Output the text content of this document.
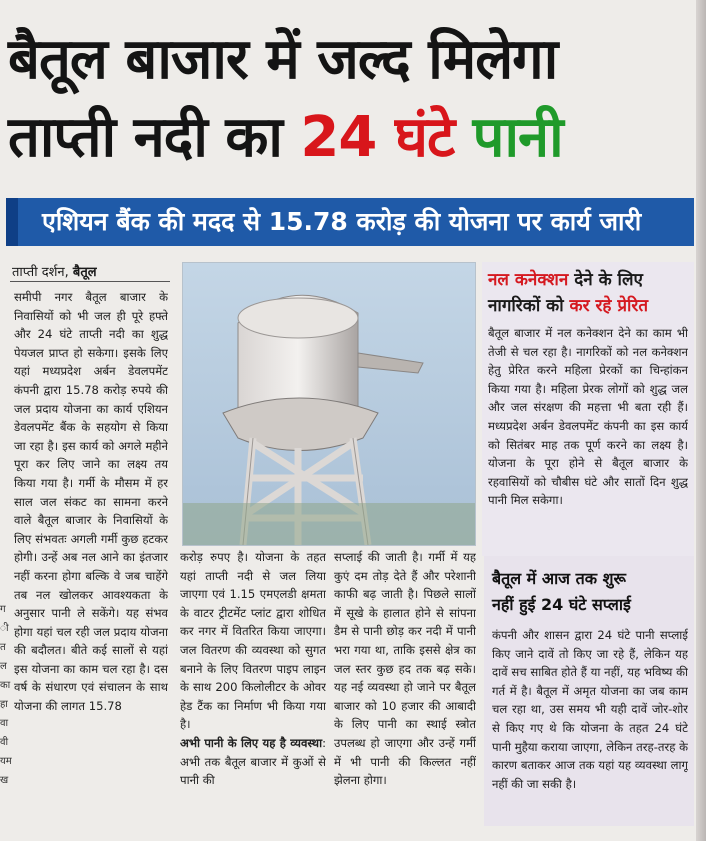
बैतूल बाजार में जल्द मिलेगा
ताप्ती नदी का 24 घंटे पानी
एशियन बैंक की मदद से 15.78 करोड़ की योजना पर कार्य जारी
ताप्ती दर्शन, बैतूल
समीपी नगर बैतूल बाजार के निवासियों को भी जल ही पूरे हफ्ते और 24 घंटे ताप्ती नदी का शुद्ध पेयजल प्राप्त हो सकेगा। इसके लिए यहां मध्यप्रदेश अर्बन डेवलपमेंट कंपनी द्वारा 15.78 करोड़ रुपये की जल प्रदाय योजना का कार्य एशियन डेवलपमेंट बैंक के सहयोग से किया जा रहा है। इस कार्य को अगले महीने पूरा कर लिए जाने का लक्ष्य तय किया गया है। गर्मी के मौसम में हर साल जल संकट का सामना करने वाले बैतूल बाजार के निवासियों के लिए संभवतः अगली गर्मी कुछ हटकर होगी। उन्हें अब नल आने का इंतजार नहीं करना होगा बल्कि वे जब चाहेंगे तब नल खोलकर आवश्यकता के अनुसार पानी ले सकेंगे। यह संभव होगा यहां चल रही जल प्रदाय योजना की बदौलत। बीते कई सालों से यहां इस योजना का काम चल रहा है। दस वर्ष के संधारण एवं संचालन के साथ योजना की लागत 15.78
करोड़ रुपए है। योजना के तहत यहां ताप्ती नदी से जल लिया जाएगा एवं 1.15 एमएलडी क्षमता के वाटर ट्रीटमेंट प्लांट द्वारा शोधित कर नगर में वितरित किया जाएगा। जल वितरण की व्यवस्था को सुगत बनाने के लिए वितरण पाइप लाइन के साथ 200 किलोलीटर के ओवर हेड टैंक का निर्माण भी किया गया है।
अभी पानी के लिए यह है व्यवस्था: अभी तक बैतूल बाजार में कुओं से पानी की
सप्लाई की जाती है। गर्मी में यह कुएं दम तोड़ देते हैं और परेशानी काफी बढ़ जाती है। पिछले सालों में सूखे के हालात होने से सांपना डैम से पानी छोड़ कर नदी में पानी भरा गया था, ताकि इससे क्षेत्र का जल स्तर कुछ हद तक बढ़ सके। यह नई व्यवस्था हो जाने पर बैतूल बाजार को 10 हजार की आबादी के लिए पानी का स्थाई स्त्रोत उपलब्ध हो जाएगा और उन्हें गर्मी में भी पानी की किल्लत नहीं झेलना होगा।
नल कनेक्शन देने के लिए
नागरिकों को कर रहे प्रेरित
बैतूल बाजार में नल कनेक्शन देने का काम भी तेजी से चल रहा है। नागरिकों को नल कनेक्शन हेतु प्रेरित करने महिला प्रेरकों का चिन्हांकन किया गया है। महिला प्रेरक लोगों को शुद्ध जल और जल संरक्षण की महत्ता भी बता रही हैं। मध्यप्रदेश अर्बन डेवलपमेंट कंपनी का इस कार्य को सितंबर माह तक पूर्ण करने का लक्ष्य है। योजना के पूरा होने से बैतूल बाजार के रहवासियों को चौबीस घंटे और सातों दिन शुद्ध पानी मिल सकेगा।
बैतूल में आज तक शुरू
नहीं हुई 24 घंटे सप्लाई
कंपनी और शासन द्वारा 24 घंटे पानी सप्लाई किए जाने दावें तो किए जा रहे हैं, लेकिन यह दावें सच साबित होते हैं या नहीं, यह भविष्य की गर्त में है। बैतूल में अमृत योजना का जब काम चल रहा था, उस समय भी यही दावें जोर-शोर से किए गए थे कि योजना के तहत 24 घंटे पानी मुहैया कराया जाएगा, लेकिन तरह-तरह के कारण बताकर आज तक यहां यह व्यवस्था लागू नहीं की जा सकी है।
ग
ी
त
ल
का
हा
वा
वी
यम
ख
